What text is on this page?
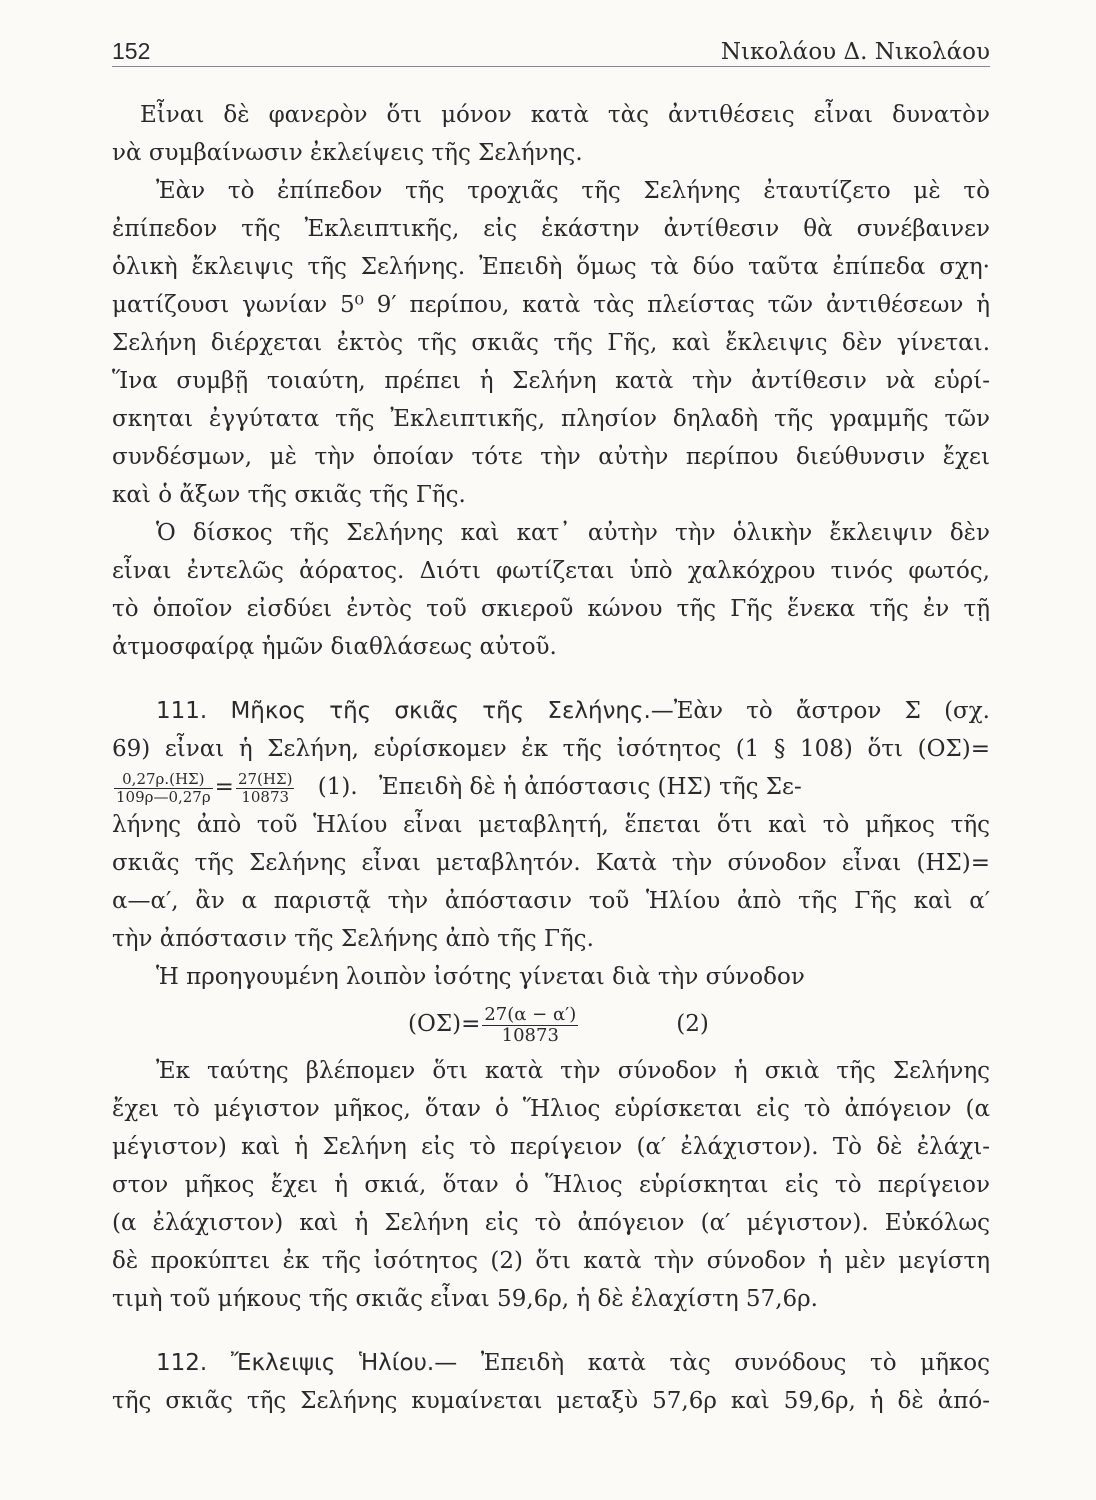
152	Νικολάου Δ. Νικολάου
Εἶναι δὲ φανερὸν ὅτι μόνον κατὰ τὰς ἀντιθέσεις εἶναι δυνατὸν
νὰ συμβαίνωσιν ἐκλείψεις τῆς Σελήνης.
Ἐὰν τὸ ἐπίπεδον τῆς τροχιᾶς τῆς Σελήνης ἐταυτίζετο μὲ τὸ
ἐπίπεδον τῆς Ἐκλειπτικῆς, εἰς ἑκάστην ἀντίθεσιν θὰ συνέβαινεν
ὁλικὴ ἔκλειψις τῆς Σελήνης. Ἐπειδὴ ὅμως τὰ δύο ταῦτα ἐπίπεδα σχη·
ματίζουσι γωνίαν 5⁰ 9′ περίπου, κατὰ τὰς πλείστας τῶν ἀντιθέσεων ἡ
Σελήνη διέρχεται ἐκτὸς τῆς σκιᾶς τῆς Γῆς, καὶ ἔκλειψις δὲν γίνεται.
Ἵνα συμβῇ τοιαύτη, πρέπει ἡ Σελήνη κατὰ τὴν ἀντίθεσιν νὰ εὑρί-
σκηται ἐγγύτατα τῆς Ἐκλειπτικῆς, πλησίον δηλαδὴ τῆς γραμμῆς τῶν
συνδέσμων, μὲ τὴν ὁποίαν τότε τὴν αὐτὴν περίπου διεύθυνσιν ἔχει
καὶ ὁ ἄξων τῆς σκιᾶς τῆς Γῆς.
Ὁ δίσκος τῆς Σελήνης καὶ κατ᾿ αὐτὴν τὴν ὁλικὴν ἔκλειψιν δὲν
εἶναι ἐντελῶς ἀόρατος. Διότι φωτίζεται ὑπὸ χαλκόχρου τινός φωτός,
τὸ ὁποῖον εἰσδύει ἐντὸς τοῦ σκιεροῦ κώνου τῆς Γῆς ἕνεκα τῆς ἐν τῇ
ἀτμοσφαίρᾳ ἡμῶν διαθλάσεως αὐτοῦ.
111. Μῆκος τῆς σκιᾶς τῆς Σελήνης.—Ἐὰν τὸ ἄστρον Σ (σχ.
69) εἶναι ἡ Σελήνη, εὑρίσκομεν ἐκ τῆς ἰσότητος (1 § 108) ὅτι (ΟΣ)=
$\frac{0,27\rho.(H\Sigma)}{109\rho—0,27\rho} = \frac{27(H\Sigma)}{10873} (1)$. Ἐπειδὴ δὲ ἡ ἀπόστασις (ΗΣ) τῆς Σε-
λήνης ἀπὸ τοῦ Ἡλίου εἶναι μεταβλητή, ἕπεται ὅτι καὶ τὸ μῆκος τῆς
σκιᾶς τῆς Σελήνης εἶναι μεταβλητόν. Κατὰ τὴν σύνοδον εἶναι (ΗΣ)=
α—α′, ἂν α παριστᾷ τὴν ἀπόστασιν τοῦ Ἡλίου ἀπὸ τῆς Γῆς καὶ α′
τὴν ἀπόστασιν τῆς Σελήνης ἀπὸ τῆς Γῆς.
Ἡ προηγουμένη λοιπὸν ἰσότης γίνεται διὰ τὴν σύνοδον
$(O\Sigma)= \frac{27(\alpha - \alpha')}{10873}$	(2)
Ἐκ ταύτης βλέπομεν ὅτι κατὰ τὴν σύνοδον ἡ σκιὰ τῆς Σελήνης
ἔχει τὸ μέγιστον μῆκος, ὅταν ὁ Ἥλιος εὑρίσκεται εἰς τὸ ἀπόγειον (α
μέγιστον) καὶ ἡ Σελήνη εἰς τὸ περίγειον (α′ ἐλάχιστον). Τὸ δὲ ἐλάχι-
στον μῆκος ἔχει ἡ σκιά, ὅταν ὁ Ἥλιος εὑρίσκηται εἰς τὸ περίγειον
(α ἐλάχιστον) καὶ ἡ Σελήνη εἰς τὸ ἀπόγειον (α′ μέγιστον). Εὐκόλως
δὲ προκύπτει ἐκ τῆς ἰσότητος (2) ὅτι κατὰ τὴν σύνοδον ἡ μὲν μεγίστη
τιμὴ τοῦ μήκους τῆς σκιᾶς εἶναι 59,6ρ, ἡ δὲ ἐλαχίστη 57,6ρ.
112. Ἔκλειψις Ἡλίου.— Ἐπειδὴ κατὰ τὰς συνόδους τὸ μῆκος
τῆς σκιᾶς τῆς Σελήνης κυμαίνεται μεταξὺ 57,6ρ καὶ 59,6ρ, ἡ δὲ ἀπό-
